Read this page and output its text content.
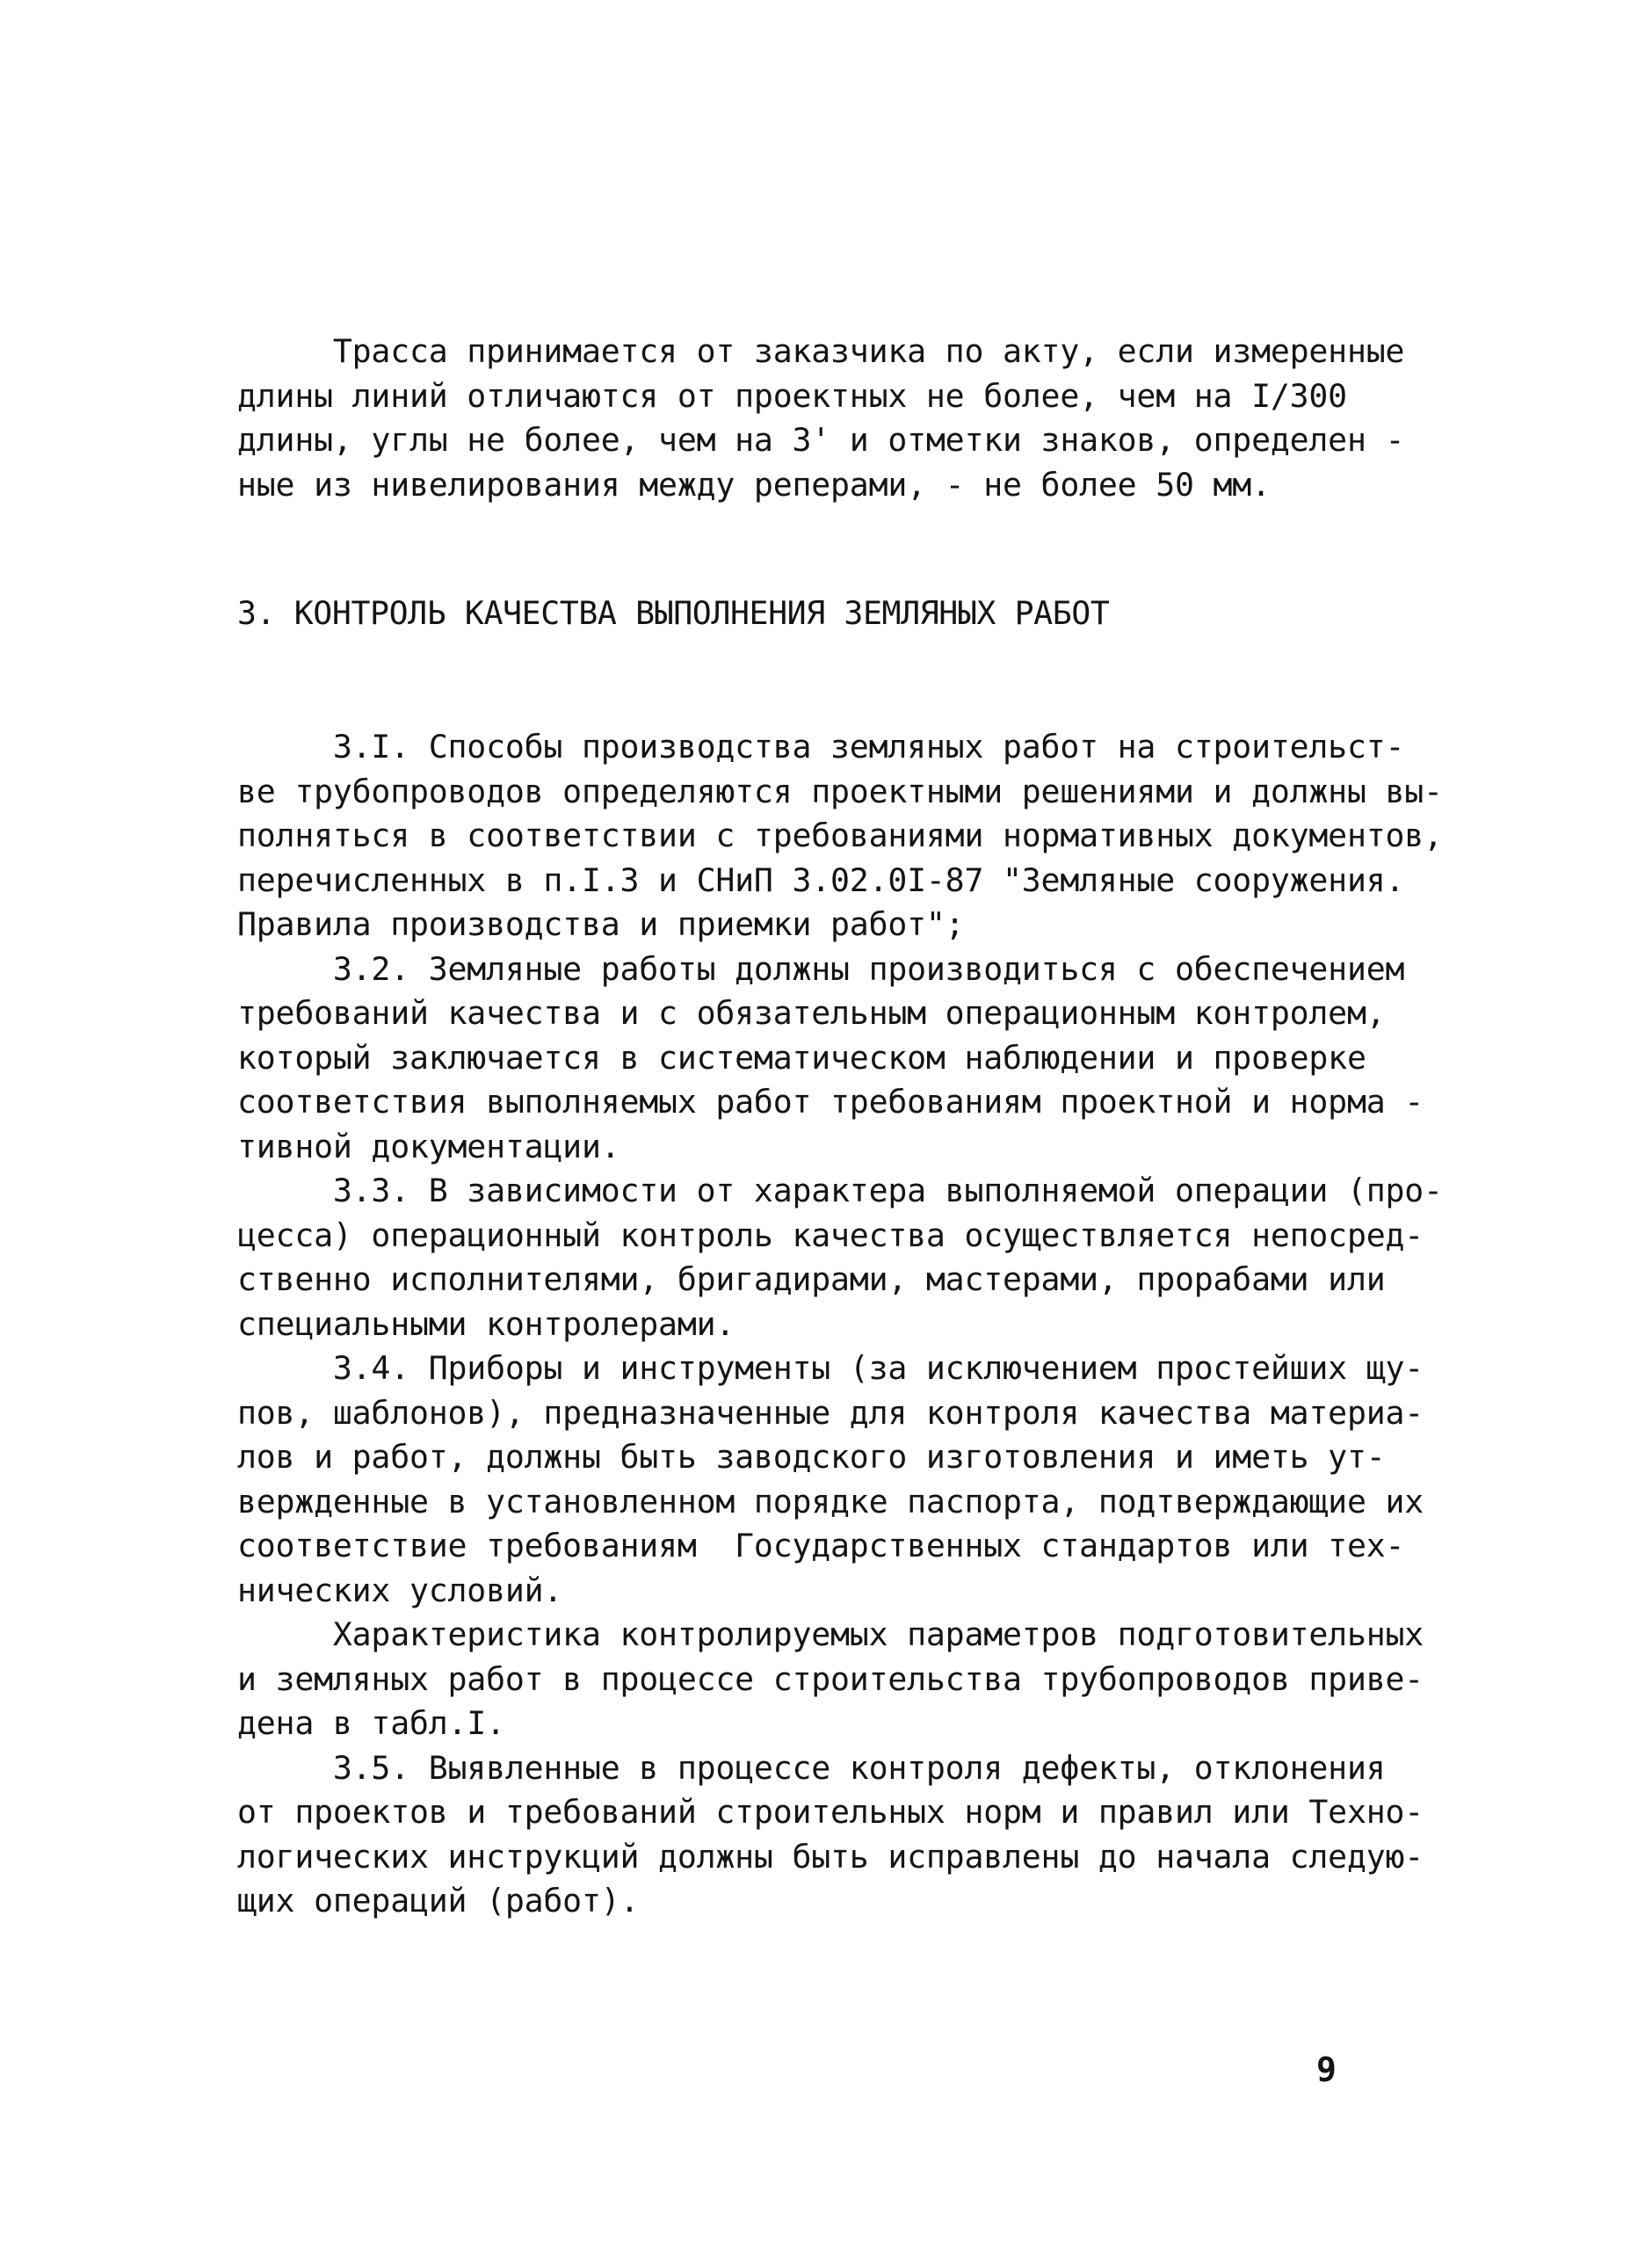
Трасса принимается от заказчика по акту, если измеренные
длины линий отличаются от проектных не более, чем на I/300
длины, углы не более, чем на 3' и отметки знаков, определен -
ные из нивелирования между реперами, - не более 50 мм.
3. КОНТРОЛЬ КАЧЕСТВА ВЫПОЛНЕНИЯ ЗЕМЛЯНЫХ РАБОТ
3.I. Способы производства земляных работ на строительст-
ве трубопроводов определяются проектными решениями и должны вы-
полняться в соответствии с требованиями нормативных документов,
перечисленных в п.I.3 и СНиП 3.02.0I-87 "Земляные сооружения.
Правила производства и приемки работ";
3.2. Земляные работы должны производиться с обеспечением
требований качества и с обязательным операционным контролем,
который заключается в систематическом наблюдении и проверке
соответствия выполняемых работ требованиям проектной и норма -
тивной документации.
3.3. В зависимости от характера выполняемой операции (про-
цесса) операционный контроль качества осуществляется непосред-
ственно исполнителями, бригадирами, мастерами, прорабами или
специальными контролерами.
3.4. Приборы и инструменты (за исключением простейших щу-
пов, шаблонов), предназначенные для контроля качества материа-
лов и работ, должны быть заводского изготовления и иметь ут-
вержденные в установленном порядке паспорта, подтверждающие их
соответствие требованиям  Государственных стандартов или тех-
нических условий.
Характеристика контролируемых параметров подготовительных
и земляных работ в процессе строительства трубопроводов приве-
дена в табл.I.
3.5. Выявленные в процессе контроля дефекты, отклонения
от проектов и требований строительных норм и правил или Техно-
логических инструкций должны быть исправлены до начала следую-
щих операций (работ).
9
